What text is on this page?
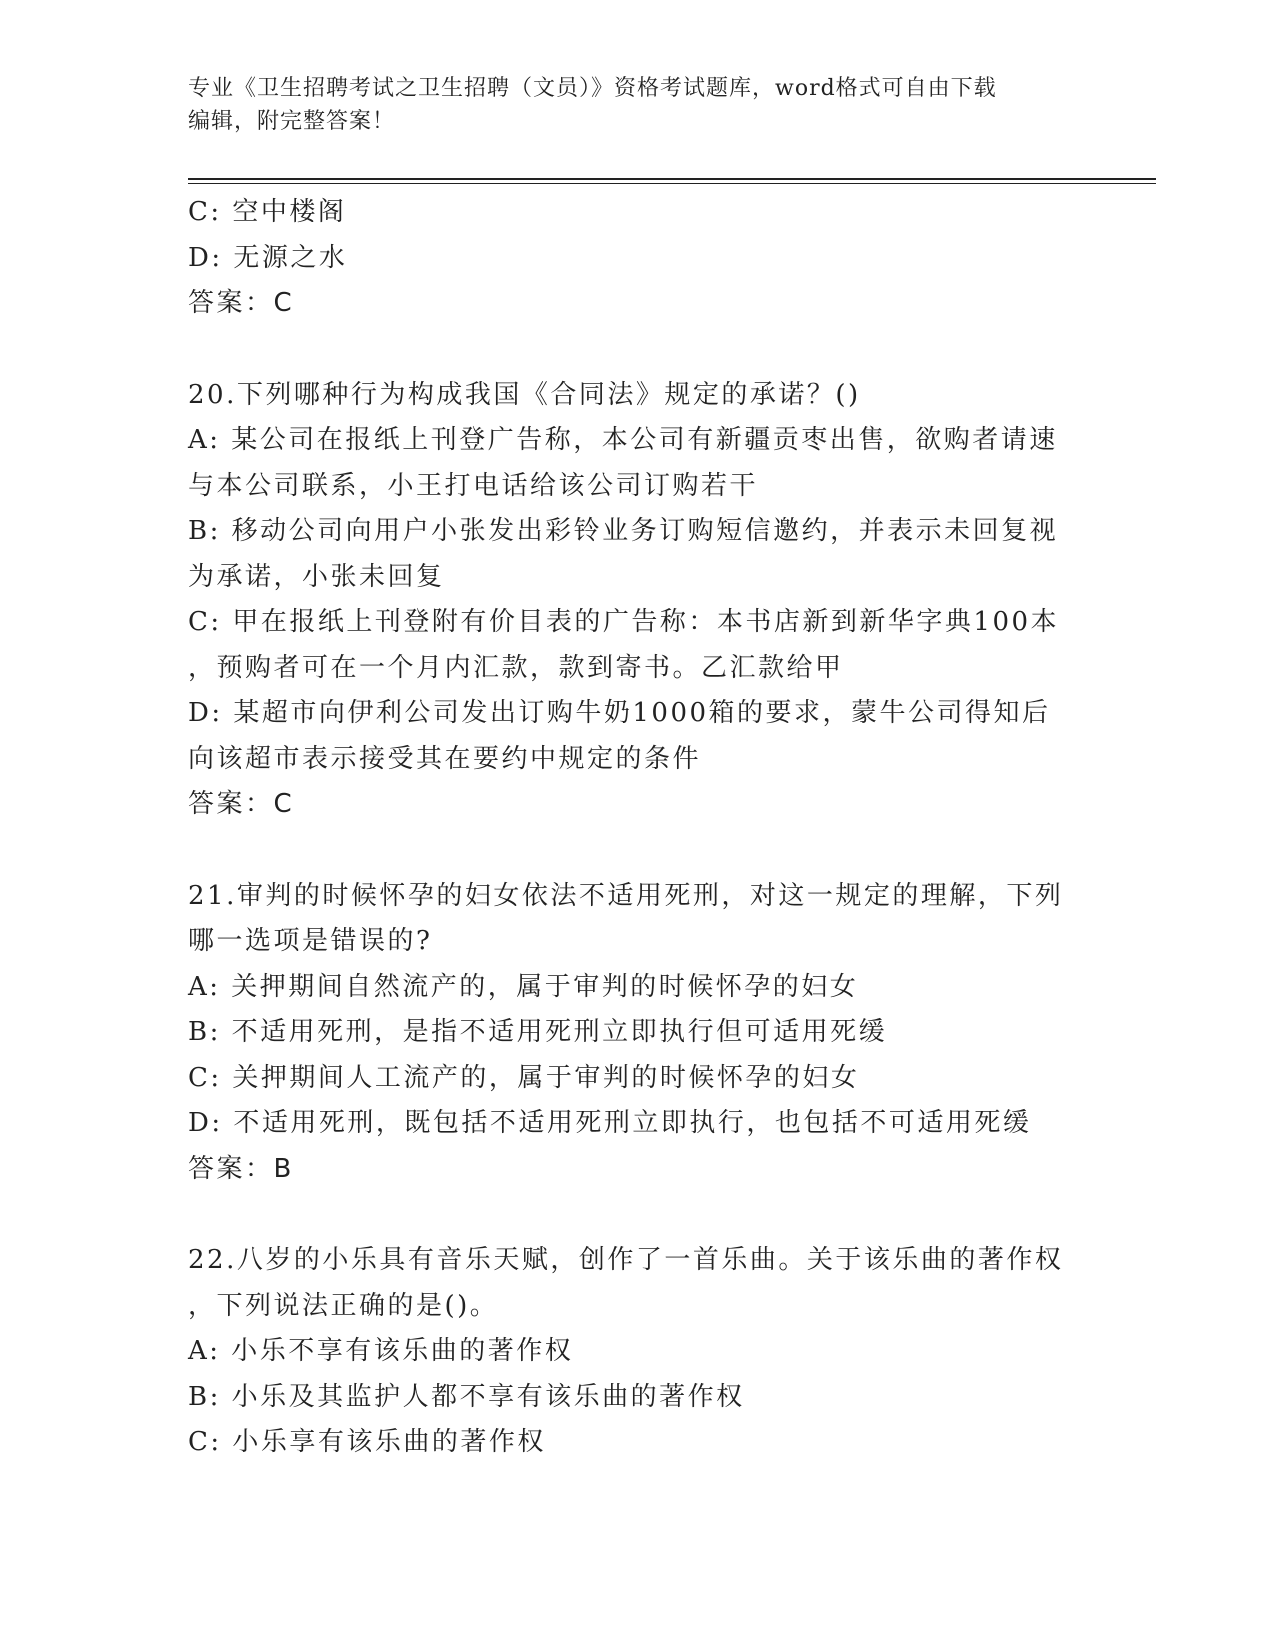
专业《卫生招聘考试之卫生招聘（文员）》资格考试题库，word格式可自由下载
编辑，附完整答案！
C: 空中楼阁
D: 无源之水
答案：C
20.下列哪种行为构成我国《合同法》规定的承诺？()
A: 某公司在报纸上刊登广告称，本公司有新疆贡枣出售，欲购者请速
与本公司联系，小王打电话给该公司订购若干
B: 移动公司向用户小张发出彩铃业务订购短信邀约，并表示未回复视
为承诺，小张未回复
C: 甲在报纸上刊登附有价目表的广告称：本书店新到新华字典100本
，预购者可在一个月内汇款，款到寄书。乙汇款给甲
D: 某超市向伊利公司发出订购牛奶1000箱的要求，蒙牛公司得知后
向该超市表示接受其在要约中规定的条件
答案：C
21.审判的时候怀孕的妇女依法不适用死刑，对这一规定的理解，下列
哪一选项是错误的?
A: 关押期间自然流产的，属于审判的时候怀孕的妇女
B: 不适用死刑，是指不适用死刑立即执行但可适用死缓
C: 关押期间人工流产的，属于审判的时候怀孕的妇女
D: 不适用死刑，既包括不适用死刑立即执行，也包括不可适用死缓
答案：B
22.八岁的小乐具有音乐天赋，创作了一首乐曲。关于该乐曲的著作权
，下列说法正确的是()。
A: 小乐不享有该乐曲的著作权
B: 小乐及其监护人都不享有该乐曲的著作权
C: 小乐享有该乐曲的著作权
